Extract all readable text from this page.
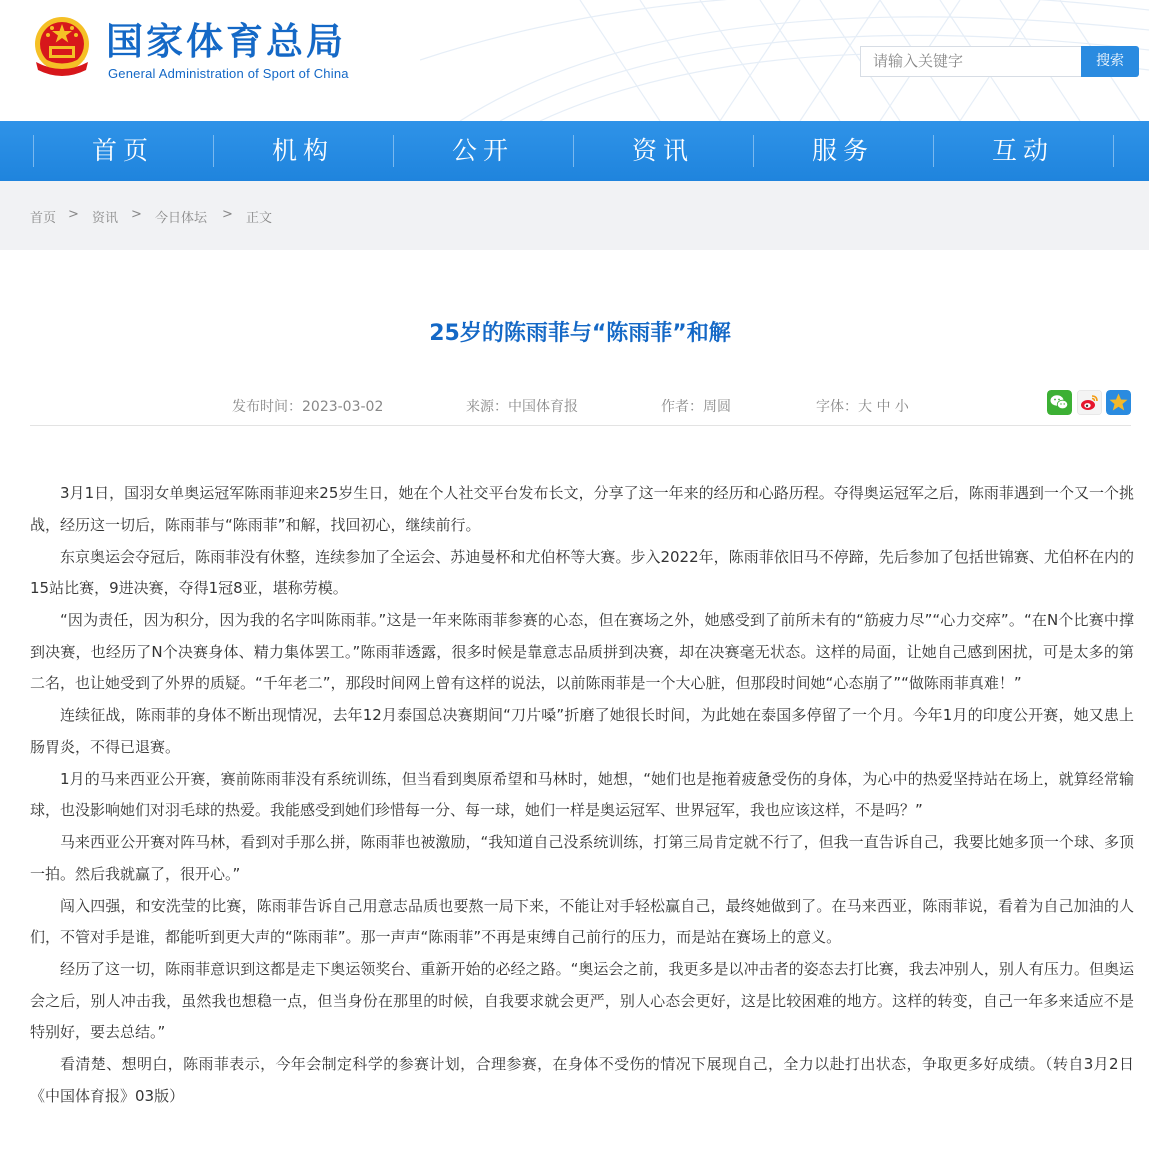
国家体育总局
General Administration of Sport of China
请输入关键字	搜索
首页	机构	公开	资讯	服务	互动
首页 > 资讯 > 今日体坛 > 正文
25岁的陈雨菲与“陈雨菲”和解
发布时间：2023-03-02	来源：中国体育报	作者：周圆	字体：大 中 小

3月1日，国羽女单奥运冠军陈雨菲迎来25岁生日，她在个人社交平台发布长文，分享了这一年来的经历和心路历程。夺得奥运冠军之后，陈雨菲遇到一个又一个挑战，经历这一切后，陈雨菲与“陈雨菲”和解，找回初心，继续前行。

东京奥运会夺冠后，陈雨菲没有休整，连续参加了全运会、苏迪曼杯和尤伯杯等大赛。步入2022年，陈雨菲依旧马不停蹄，先后参加了包括世锦赛、尤伯杯在内的15站比赛，9进决赛，夺得1冠8亚，堪称劳模。

“因为责任，因为积分，因为我的名字叫陈雨菲。”这是一年来陈雨菲参赛的心态，但在赛场之外，她感受到了前所未有的“筋疲力尽”“心力交瘁”。“在N个比赛中撑到决赛，也经历了N个决赛身体、精力集体罢工。”陈雨菲透露，很多时候是靠意志品质拼到决赛，却在决赛毫无状态。这样的局面，让她自己感到困扰，可是太多的第二名，也让她受到了外界的质疑。“千年老二”，那段时间网上曾有这样的说法，以前陈雨菲是一个大心脏，但那段时间她“心态崩了”“做陈雨菲真难！”

连续征战，陈雨菲的身体不断出现情况，去年12月泰国总决赛期间“刀片嗓”折磨了她很长时间，为此她在泰国多停留了一个月。今年1月的印度公开赛，她又患上肠胃炎，不得已退赛。

1月的马来西亚公开赛，赛前陈雨菲没有系统训练，但当看到奥原希望和马林时，她想，“她们也是拖着疲惫受伤的身体，为心中的热爱坚持站在场上，就算经常输球，也没影响她们对羽毛球的热爱。我能感受到她们珍惜每一分、每一球，她们一样是奥运冠军、世界冠军，我也应该这样，不是吗？”

马来西亚公开赛对阵马林，看到对手那么拼，陈雨菲也被激励，“我知道自己没系统训练，打第三局肯定就不行了，但我一直告诉自己，我要比她多顶一个球、多顶一拍。然后我就赢了，很开心。”

闯入四强，和安洗莹的比赛，陈雨菲告诉自己用意志品质也要熬一局下来，不能让对手轻松赢自己，最终她做到了。在马来西亚，陈雨菲说，看着为自己加油的人们，不管对手是谁，都能听到更大声的“陈雨菲”。那一声声“陈雨菲”不再是束缚自己前行的压力，而是站在赛场上的意义。

经历了这一切，陈雨菲意识到这都是走下奥运领奖台、重新开始的必经之路。“奥运会之前，我更多是以冲击者的姿态去打比赛，我去冲别人，别人有压力。但奥运会之后，别人冲击我，虽然我也想稳一点，但当身份在那里的时候，自我要求就会更严，别人心态会更好，这是比较困难的地方。这样的转变，自己一年多来适应不是特别好，要去总结。”

看清楚、想明白，陈雨菲表示，今年会制定科学的参赛计划，合理参赛，在身体不受伤的情况下展现自己，全力以赴打出状态，争取更多好成绩。（转自3月2日《中国体育报》03版）
